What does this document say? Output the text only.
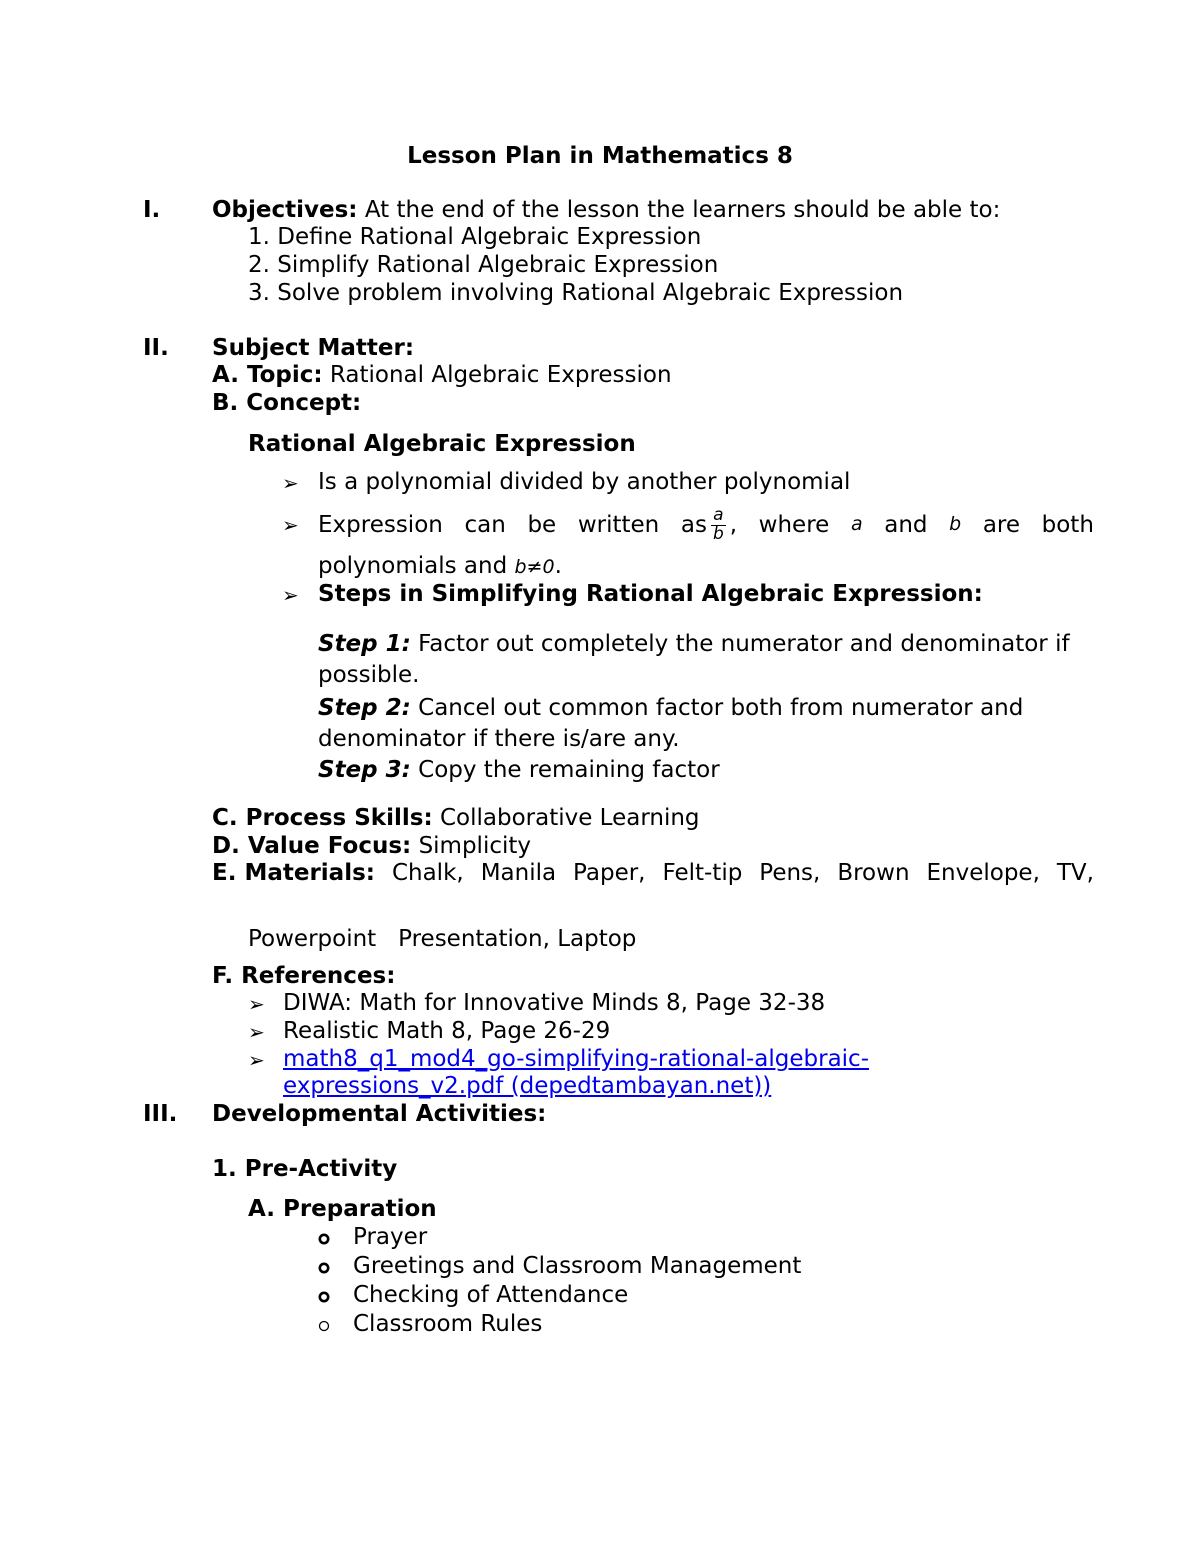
Lesson Plan in Mathematics 8
I. Objectives: At the end of the lesson the learners should be able to:
1. Define Rational Algebraic Expression
2. Simplify Rational Algebraic Expression
3. Solve problem involving Rational Algebraic Expression
II. Subject Matter:
A. Topic: Rational Algebraic Expression
B. Concept:
Rational Algebraic Expression
➢ Is a polynomial divided by another polynomial
➢ Expression can be written as $\frac{a}{b}$ , where a and b are both
polynomials and b≠0.
➢ Steps in Simplifying Rational Algebraic Expression:
Step 1: Factor out completely the numerator and denominator if
possible.
Step 2: Cancel out common factor both from numerator and
denominator if there is/are any.
Step 3: Copy the remaining factor
C. Process Skills: Collaborative Learning
D. Value Focus: Simplicity
E. Materials: Chalk, Manila Paper, Felt-tip Pens, Brown Envelope, TV,
Powerpoint   Presentation, Laptop
F. References:
➢ DIWA: Math for Innovative Minds 8, Page 32-38
➢ Realistic Math 8, Page 26-29
➢ math8_q1_mod4_go-simplifying-rational-algebraic-
expressions_v2.pdf (depedtambayan.net))
III. Developmental Activities:
1. Pre-Activity
A. Preparation
Prayer
Greetings and Classroom Management
Checking of Attendance
Classroom Rules
